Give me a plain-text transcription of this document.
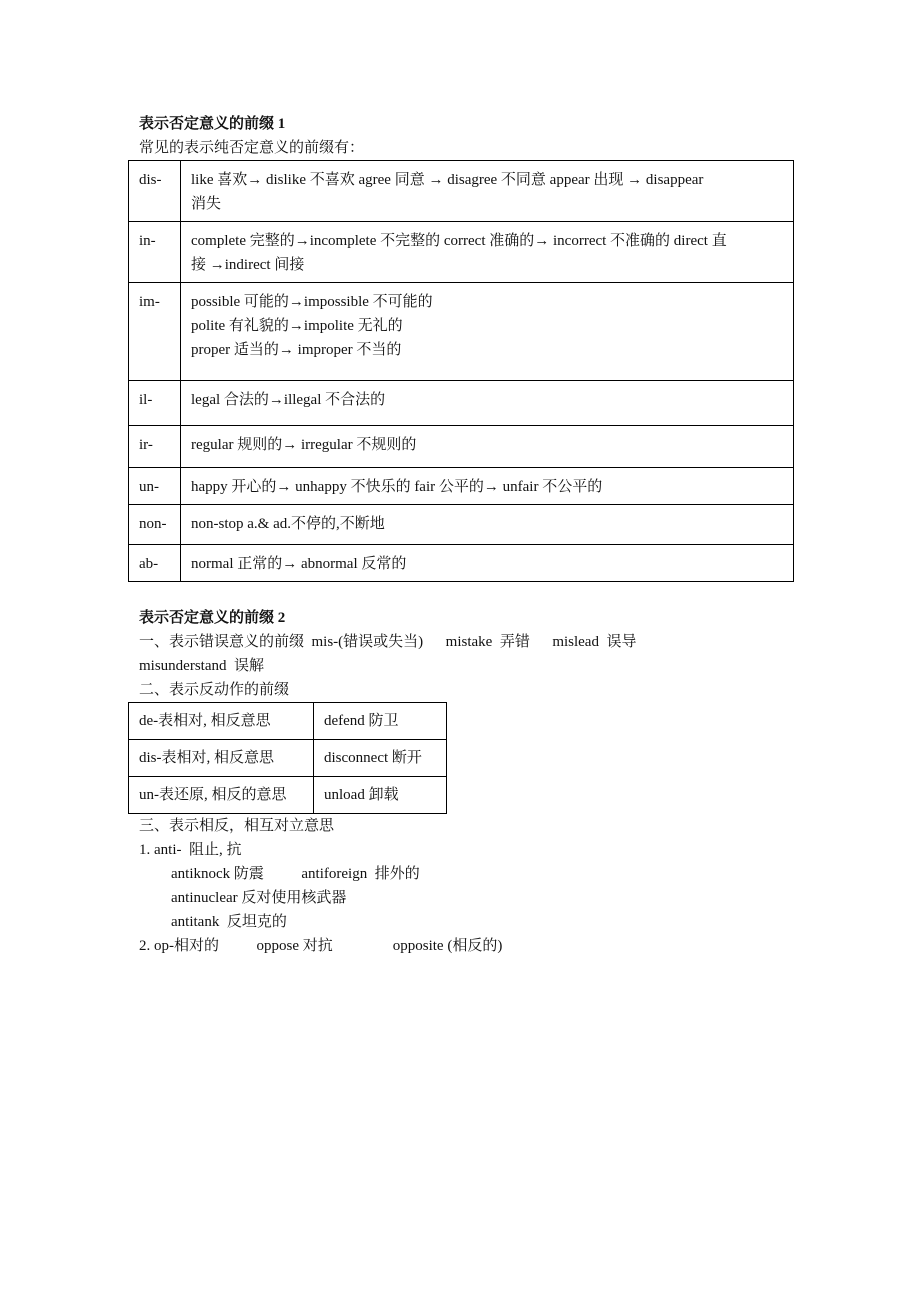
表示否定意义的前缀 1
常见的表示纯否定意义的前缀有：
dis-	like 喜欢→ dislike 不喜欢 agree 同意 → disagree 不同意 appear 出现 → disappear
消失

in-	complete 完整的→incomplete 不完整的 correct 准确的→ incorrect 不准确的 direct 直
接 →indirect 间接

im-	possible 可能的→impossible 不可能的
polite 有礼貌的→impolite 无礼的
proper 适当的→ improper 不当的

il-	legal 合法的→illegal 不合法的

ir-	regular 规则的→ irregular 不规则的

un-	happy 开心的→ unhappy 不快乐的 fair 公平的→ unfair 不公平的

non-	non-stop a.& ad.不停的,不断地

ab-	normal 正常的→ abnormal 反常的
表示否定意义的前缀 2
一、表示错误意义的前缀  mis-(错误或失当)      mistake  弄错      mislead  误导
misunderstand  误解
二、表示反动作的前缀
de-表相对, 相反意思	defend 防卫
dis-表相对, 相反意思	disconnect 断开
un-表还原, 相反的意思	unload 卸载
三、表示相反，相互对立意思
1. anti-  阻止, 抗
antiknock 防震          antiforeign  排外的
antinuclear 反对使用核武器
antitank  反坦克的
2. op-相对的          oppose 对抗                opposite (相反的)
